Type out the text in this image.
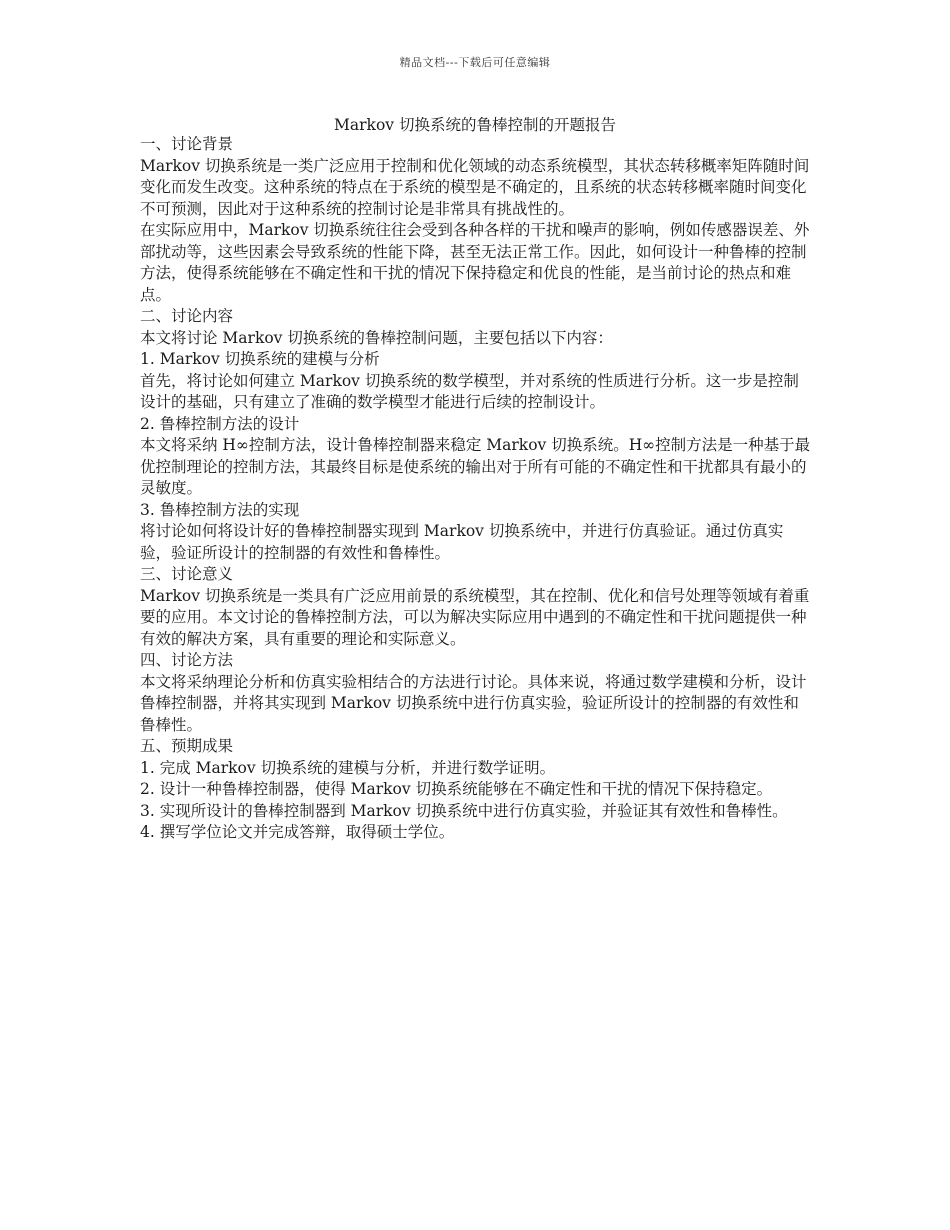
精品文档---下载后可任意编辑
Markov 切换系统的鲁棒控制的开题报告
一、讨论背景

Markov 切换系统是一类广泛应用于控制和优化领域的动态系统模型，其状态转移概率矩阵随时间变化而发生改变。这种系统的特点在于系统的模型是不确定的，且系统的状态转移概率随时间变化不可预测，因此对于这种系统的控制讨论是非常具有挑战性的。

在实际应用中，Markov 切换系统往往会受到各种各样的干扰和噪声的影响，例如传感器误差、外部扰动等，这些因素会导致系统的性能下降，甚至无法正常工作。因此，如何设计一种鲁棒的控制方法，使得系统能够在不确定性和干扰的情况下保持稳定和优良的性能，是当前讨论的热点和难点。

二、讨论内容

本文将讨论 Markov 切换系统的鲁棒控制问题，主要包括以下内容：

1. Markov 切换系统的建模与分析

首先，将讨论如何建立 Markov 切换系统的数学模型，并对系统的性质进行分析。这一步是控制设计的基础，只有建立了准确的数学模型才能进行后续的控制设计。

2. 鲁棒控制方法的设计

本文将采纳 H∞控制方法，设计鲁棒控制器来稳定 Markov 切换系统。H∞控制方法是一种基于最优控制理论的控制方法，其最终目标是使系统的输出对于所有可能的不确定性和干扰都具有最小的灵敏度。

3. 鲁棒控制方法的实现

将讨论如何将设计好的鲁棒控制器实现到 Markov 切换系统中，并进行仿真验证。通过仿真实验，验证所设计的控制器的有效性和鲁棒性。

三、讨论意义

Markov 切换系统是一类具有广泛应用前景的系统模型，其在控制、优化和信号处理等领域有着重要的应用。本文讨论的鲁棒控制方法，可以为解决实际应用中遇到的不确定性和干扰问题提供一种有效的解决方案，具有重要的理论和实际意义。

四、讨论方法

本文将采纳理论分析和仿真实验相结合的方法进行讨论。具体来说，将通过数学建模和分析，设计鲁棒控制器，并将其实现到 Markov 切换系统中进行仿真实验，验证所设计的控制器的有效性和鲁棒性。

五、预期成果

1. 完成 Markov 切换系统的建模与分析，并进行数学证明。

2. 设计一种鲁棒控制器，使得 Markov 切换系统能够在不确定性和干扰的情况下保持稳定。

3. 实现所设计的鲁棒控制器到 Markov 切换系统中进行仿真实验，并验证其有效性和鲁棒性。

4. 撰写学位论文并完成答辩，取得硕士学位。
